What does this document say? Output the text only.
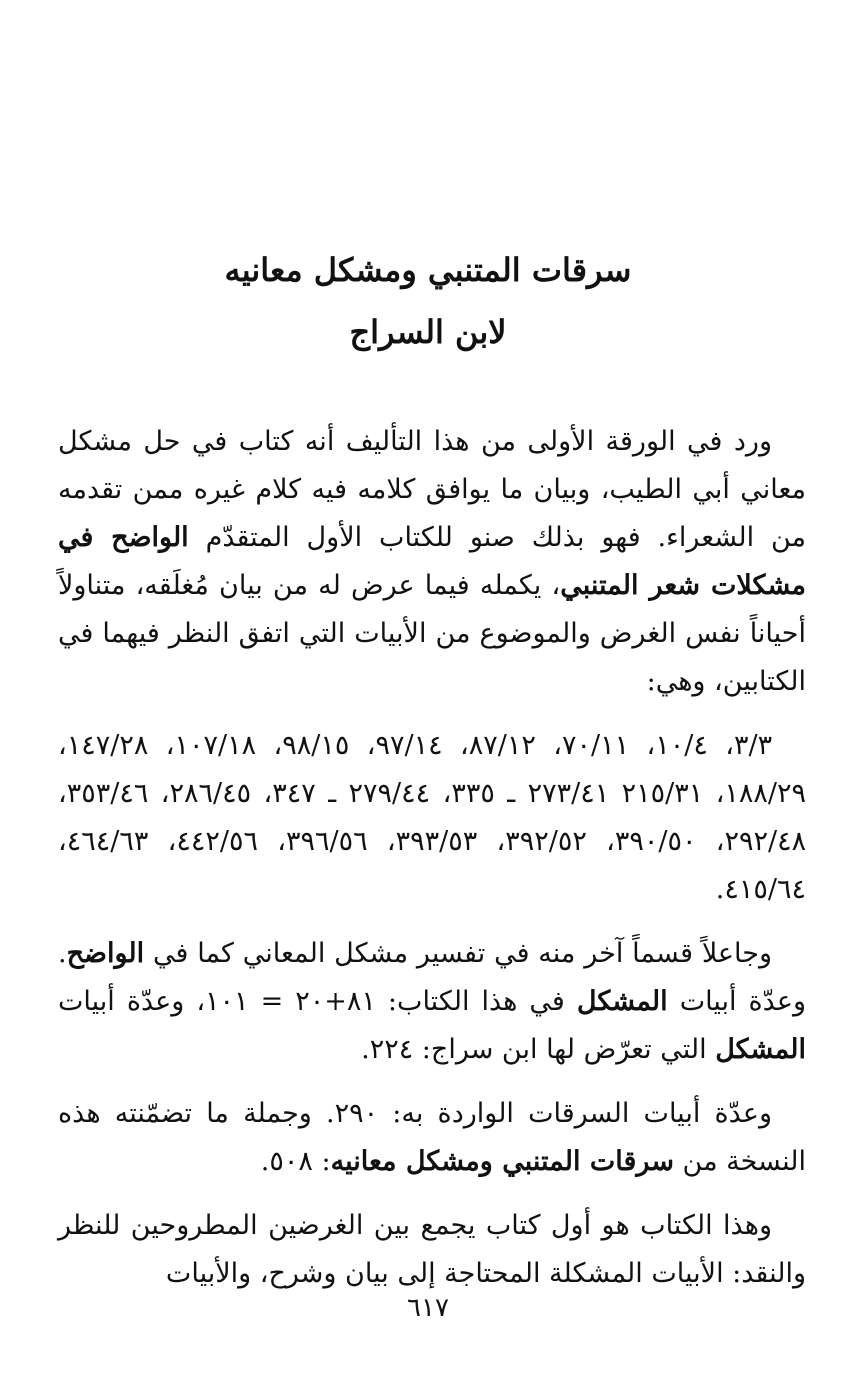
سرقات المتنبي ومشكل معانيه
لابن السراج

ورد في الورقة الأولى من هذا التأليف أنه كتاب في حل مشكل معاني أبي الطيب، وبيان ما يوافق كلامه فيه كلام غيره ممن تقدمه من الشعراء. فهو بذلك صنو للكتاب الأول المتقدّم الواضح في مشكلات شعر المتنبي، يكمله فيما عرض له من بيان مُغلَقه، متناولاً أحياناً نفس الغرض والموضوع من الأبيات التي اتفق النظر فيهما في الكتابين، وهي:

٣/٣، ١٠/٤، ٧٠/١١، ٨٧/١٢، ٩٧/١٤، ٩٨/١٥، ١٠٧/١٨، ١٤٧/٢٨، ١٨٨/٢٩، ٢١٥/٣١ ٢٧٣/٤١ ـ ٣٣٥، ٢٧٩/٤٤ ـ ٣٤٧، ٢٨٦/٤٥، ٣٥٣/٤٦، ٢٩٢/٤٨، ٣٩٠/٥٠، ٣٩٢/٥٢، ٣٩٣/٥٣، ٣٩٦/٥٦، ٤٤٢/٥٦، ٤٦٤/٦٣، ٤١٥/٦٤.

وجاعلاً قسماً آخر منه في تفسير مشكل المعاني كما في الواضح. وعدّة أبيات المشكل في هذا الكتاب: ٨١+٢٠ = ١٠١، وعدّة أبيات المشكل التي تعرّض لها ابن سراج: ٢٢٤.

وعدّة أبيات السرقات الواردة به: ٢٩٠. وجملة ما تضمّنته هذه النسخة من سرقات المتنبي ومشكل معانيه: ٥٠٨.

وهذا الكتاب هو أول كتاب يجمع بين الغرضين المطروحين للنظر والنقد: الأبيات المشكلة المحتاجة إلى بيان وشرح، والأبيات

٦١٧
